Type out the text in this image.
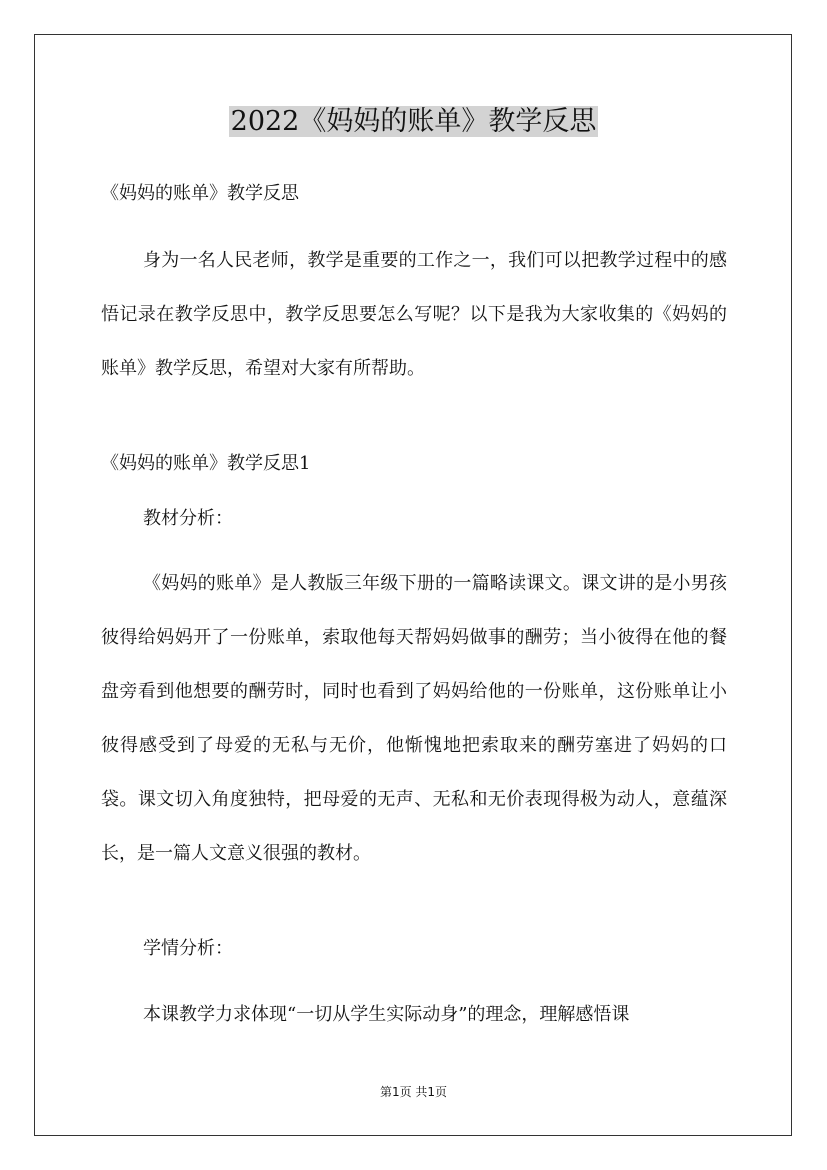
2022《妈妈的账单》教学反思

《妈妈的账单》教学反思

身为一名人民老师，教学是重要的工作之一，我们可以把教学过程中的感悟记录在教学反思中，教学反思要怎么写呢？以下是我为大家收集的《妈妈的账单》教学反思，希望对大家有所帮助。

《妈妈的账单》教学反思1

教材分析：

《妈妈的账单》是人教版三年级下册的一篇略读课文。课文讲的是小男孩彼得给妈妈开了一份账单，索取他每天帮妈妈做事的酬劳；当小彼得在他的餐盘旁看到他想要的酬劳时，同时也看到了妈妈给他的一份账单，这份账单让小彼得感受到了母爱的无私与无价，他惭愧地把索取来的酬劳塞进了妈妈的口袋。课文切入角度独特，把母爱的无声、无私和无价表现得极为动人，意蕴深长，是一篇人文意义很强的教材。

学情分析：

本课教学力求体现“一切从学生实际动身”的理念，理解感悟课

第1页 共1页
